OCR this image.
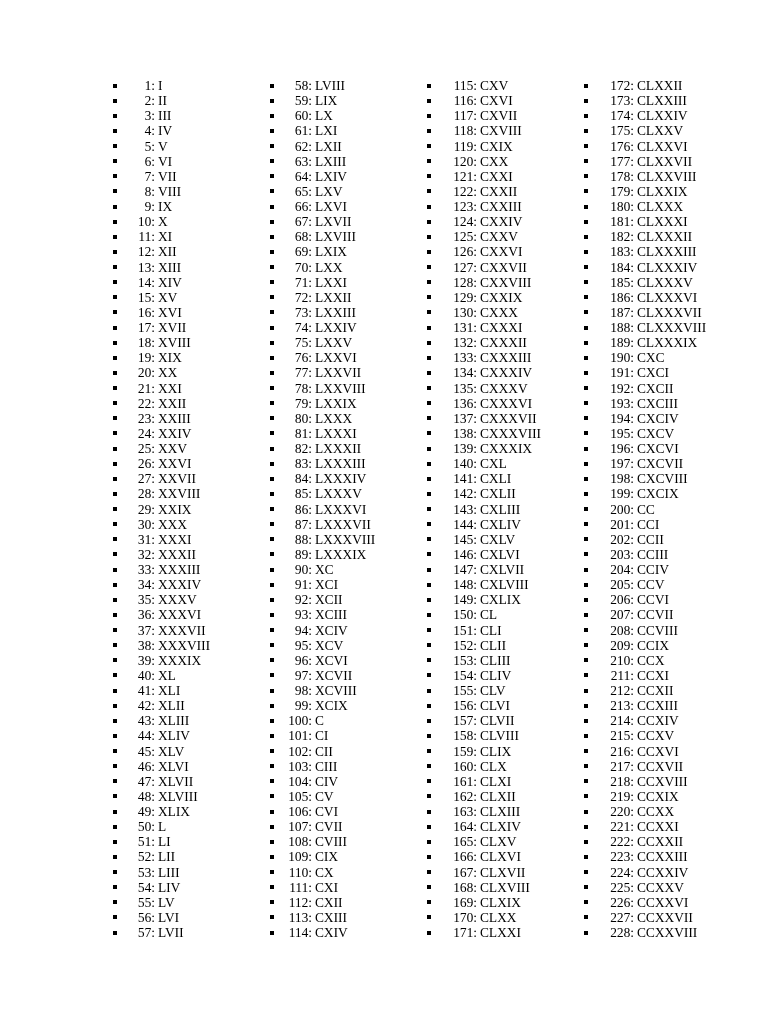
1: I
2: II
3: III
4: IV
5: V
6: VI
7: VII
8: VIII
9: IX
10: X
11: XI
12: XII
13: XIII
14: XIV
15: XV
16: XVI
17: XVII
18: XVIII
19: XIX
20: XX
21: XXI
22: XXII
23: XXIII
24: XXIV
25: XXV
26: XXVI
27: XXVII
28: XXVIII
29: XXIX
30: XXX
31: XXXI
32: XXXII
33: XXXIII
34: XXXIV
35: XXXV
36: XXXVI
37: XXXVII
38: XXXVIII
39: XXXIX
40: XL
41: XLI
42: XLII
43: XLIII
44: XLIV
45: XLV
46: XLVI
47: XLVII
48: XLVIII
49: XLIX
50: L
51: LI
52: LII
53: LIII
54: LIV
55: LV
56: LVI
57: LVII
58: LVIII
59: LIX
60: LX
61: LXI
62: LXII
63: LXIII
64: LXIV
65: LXV
66: LXVI
67: LXVII
68: LXVIII
69: LXIX
70: LXX
71: LXXI
72: LXXII
73: LXXIII
74: LXXIV
75: LXXV
76: LXXVI
77: LXXVII
78: LXXVIII
79: LXXIX
80: LXXX
81: LXXXI
82: LXXXII
83: LXXXIII
84: LXXXIV
85: LXXXV
86: LXXXVI
87: LXXXVII
88: LXXXVIII
89: LXXXIX
90: XC
91: XCI
92: XCII
93: XCIII
94: XCIV
95: XCV
96: XCVI
97: XCVII
98: XCVIII
99: XCIX
100: C
101: CI
102: CII
103: CIII
104: CIV
105: CV
106: CVI
107: CVII
108: CVIII
109: CIX
110: CX
111: CXI
112: CXII
113: CXIII
114: CXIV
115: CXV
116: CXVI
117: CXVII
118: CXVIII
119: CXIX
120: CXX
121: CXXI
122: CXXII
123: CXXIII
124: CXXIV
125: CXXV
126: CXXVI
127: CXXVII
128: CXXVIII
129: CXXIX
130: CXXX
131: CXXXI
132: CXXXII
133: CXXXIII
134: CXXXIV
135: CXXXV
136: CXXXVI
137: CXXXVII
138: CXXXVIII
139: CXXXIX
140: CXL
141: CXLI
142: CXLII
143: CXLIII
144: CXLIV
145: CXLV
146: CXLVI
147: CXLVII
148: CXLVIII
149: CXLIX
150: CL
151: CLI
152: CLII
153: CLIII
154: CLIV
155: CLV
156: CLVI
157: CLVII
158: CLVIII
159: CLIX
160: CLX
161: CLXI
162: CLXII
163: CLXIII
164: CLXIV
165: CLXV
166: CLXVI
167: CLXVII
168: CLXVIII
169: CLXIX
170: CLXX
171: CLXXI
172: CLXXII
173: CLXXIII
174: CLXXIV
175: CLXXV
176: CLXXVI
177: CLXXVII
178: CLXXVIII
179: CLXXIX
180: CLXXX
181: CLXXXI
182: CLXXXII
183: CLXXXIII
184: CLXXXIV
185: CLXXXV
186: CLXXXVI
187: CLXXXVII
188: CLXXXVIII
189: CLXXXIX
190: CXC
191: CXCI
192: CXCII
193: CXCIII
194: CXCIV
195: CXCV
196: CXCVI
197: CXCVII
198: CXCVIII
199: CXCIX
200: CC
201: CCI
202: CCII
203: CCIII
204: CCIV
205: CCV
206: CCVI
207: CCVII
208: CCVIII
209: CCIX
210: CCX
211: CCXI
212: CCXII
213: CCXIII
214: CCXIV
215: CCXV
216: CCXVI
217: CCXVII
218: CCXVIII
219: CCXIX
220: CCXX
221: CCXXI
222: CCXXII
223: CCXXIII
224: CCXXIV
225: CCXXV
226: CCXXVI
227: CCXXVII
228: CCXXVIII
